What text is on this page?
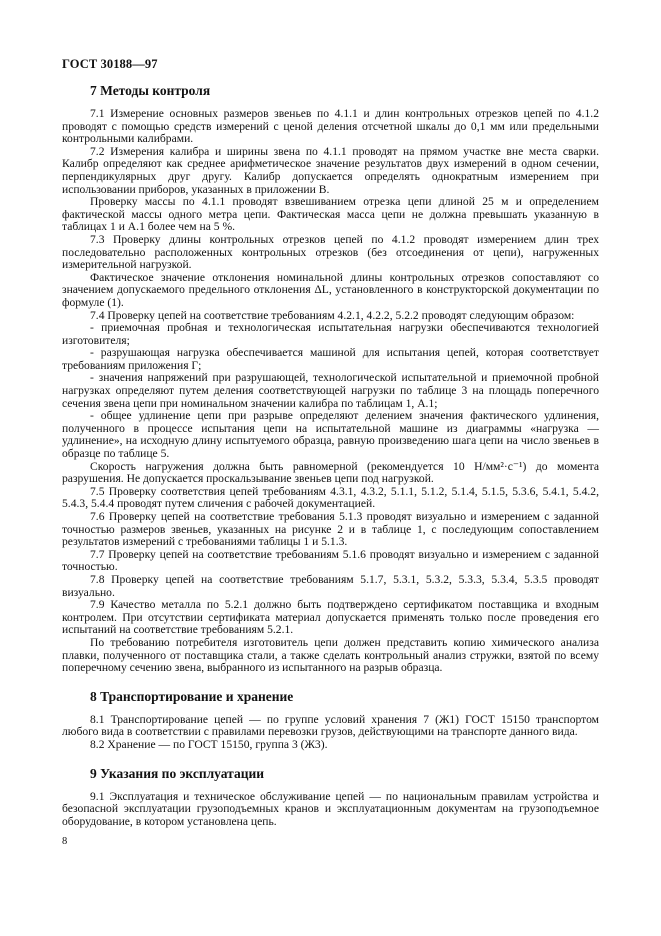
ГОСТ 30188—97
7 Методы контроля

7.1 Измерение основных размеров звеньев по 4.1.1 и длин контрольных отрезков цепей по 4.1.2 проводят с помощью средств измерений с ценой деления отсчетной шкалы до 0,1 мм или предельными контрольными калибрами.

7.2 Измерения калибра и ширины звена по 4.1.1 проводят на прямом участке вне места сварки. Калибр определяют как среднее арифметическое значение результатов двух измерений в одном сечении, перпендикулярных друг другу. Калибр допускается определять однократным измерением при использовании приборов, указанных в приложении В.

Проверку массы по 4.1.1 проводят взвешиванием отрезка цепи длиной 25 м и определением фактической массы одного метра цепи. Фактическая масса цепи не должна превышать указанную в таблицах 1 и А.1 более чем на 5 %.

7.3 Проверку длины контрольных отрезков цепей по 4.1.2 проводят измерением длин трех последовательно расположенных контрольных отрезков (без отсоединения от цепи), нагруженных измерительной нагрузкой.

Фактическое значение отклонения номинальной длины контрольных отрезков сопоставляют со значением допускаемого предельного отклонения ΔL, установленного в конструкторской документации по формуле (1).

7.4 Проверку цепей на соответствие требованиям 4.2.1, 4.2.2, 5.2.2 проводят следующим образом:

- приемочная пробная и технологическая испытательная нагрузки обеспечиваются технологией изготовителя;

- разрушающая нагрузка обеспечивается машиной для испытания цепей, которая соответствует требованиям приложения Г;

- значения напряжений при разрушающей, технологической испытательной и приемочной пробной нагрузках определяют путем деления соответствующей нагрузки по таблице 3 на площадь поперечного сечения звена цепи при номинальном значении калибра по таблицам 1, А.1;

- общее удлинение цепи при разрыве определяют делением значения фактического удлинения, полученного в процессе испытания цепи на испытательной машине из диаграммы «нагрузка — удлинение», на исходную длину испытуемого образца, равную произведению шага цепи на число звеньев в образце по таблице 5.

Скорость нагружения должна быть равномерной (рекомендуется 10 Н/мм²·с⁻¹) до момента разрушения. Не допускается проскальзывание звеньев цепи под нагрузкой.

7.5 Проверку соответствия цепей требованиям 4.3.1, 4.3.2, 5.1.1, 5.1.2, 5.1.4, 5.1.5, 5.3.6, 5.4.1, 5.4.2, 5.4.3, 5.4.4 проводят путем сличения с рабочей документацией.

7.6 Проверку цепей на соответствие требования 5.1.3 проводят визуально и измерением с заданной точностью размеров звеньев, указанных на рисунке 2 и в таблице 1, с последующим сопоставлением результатов измерений с требованиями таблицы 1 и 5.1.3.

7.7 Проверку цепей на соответствие требованиям 5.1.6 проводят визуально и измерением с заданной точностью.

7.8 Проверку цепей на соответствие требованиям 5.1.7, 5.3.1, 5.3.2, 5.3.3, 5.3.4, 5.3.5 проводят визуально.

7.9 Качество металла по 5.2.1 должно быть подтверждено сертификатом поставщика и входным контролем. При отсутствии сертификата материал допускается применять только после проведения его испытаний на соответствие требованиям 5.2.1.

По требованию потребителя изготовитель цепи должен представить копию химического анализа плавки, полученного от поставщика стали, а также сделать контрольный анализ стружки, взятой по всему поперечному сечению звена, выбранного из испытанного на разрыв образца.

8 Транспортирование и хранение

8.1 Транспортирование цепей — по группе условий хранения 7 (Ж1) ГОСТ 15150 транспортом любого вида в соответствии с правилами перевозки грузов, действующими на транспорте данного вида.

8.2 Хранение — по ГОСТ 15150, группа 3 (Ж3).

9 Указания по эксплуатации

9.1 Эксплуатация и техническое обслуживание цепей — по национальным правилам устройства и безопасной эксплуатации грузоподъемных кранов и эксплуатационным документам на грузоподъемное оборудование, в котором установлена цепь.

8
